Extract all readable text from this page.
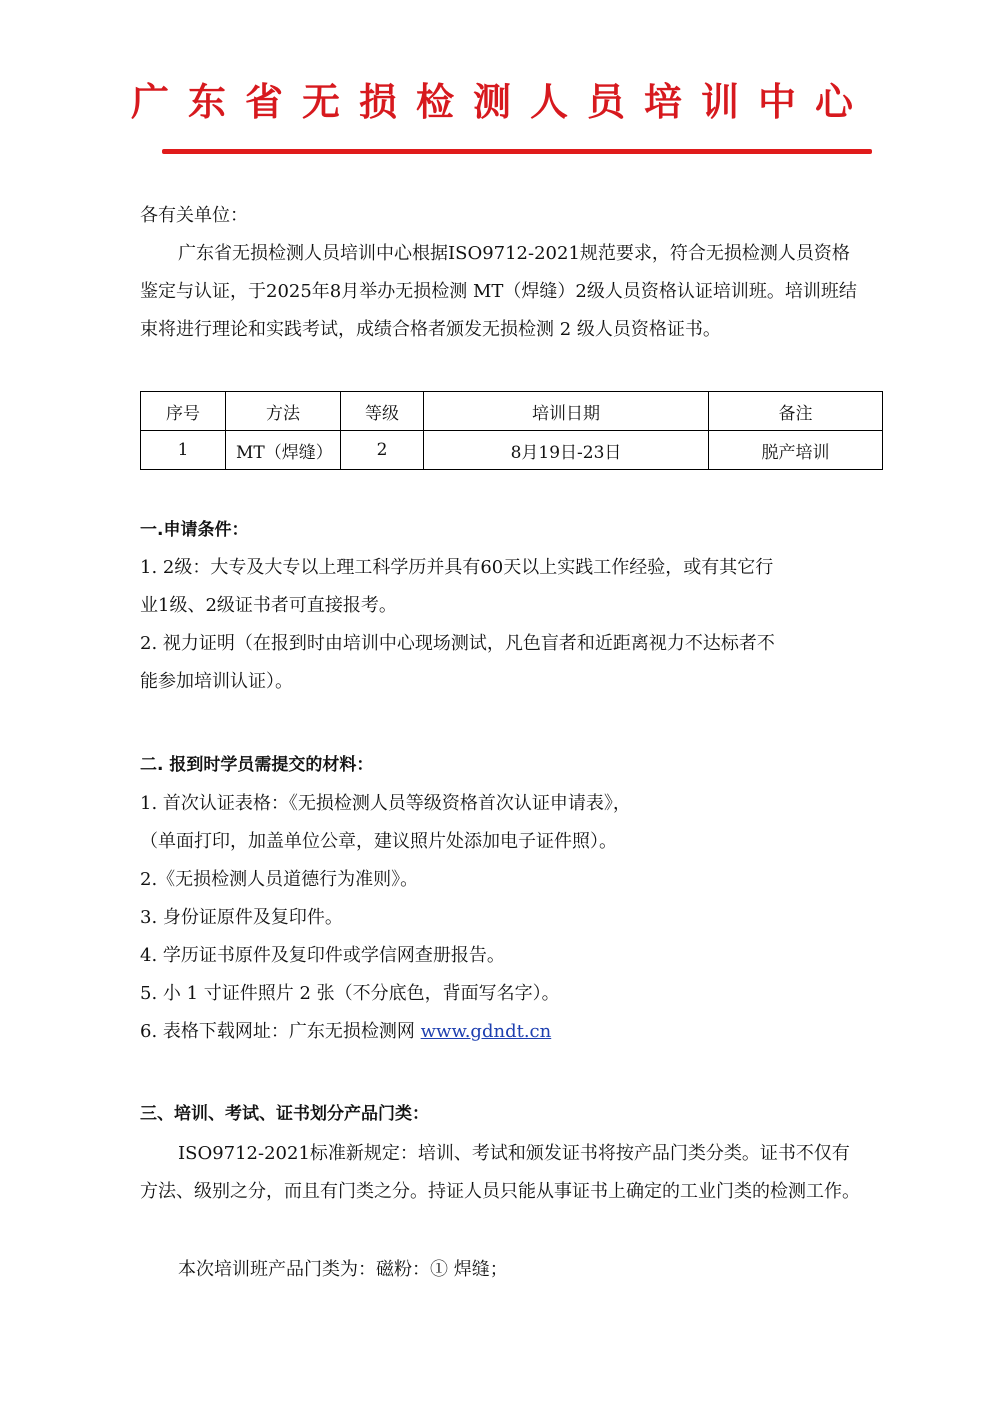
广东省无损检测人员培训中心

各有关单位：

广东省无损检测人员培训中心根据ISO9712-2021规范要求，符合无损检测人员资格鉴定与认证，于2025年8月举办无损检测 MT（焊缝）2级人员资格认证培训班。培训班结束将进行理论和实践考试，成绩合格者颁发无损检测 2 级人员资格证书。

序号	方法	等级	培训日期	备注
1	MT（焊缝）	2	8月19日-23日	脱产培训

一.申请条件：

1. 2级：大专及大专以上理工科学历并具有60天以上实践工作经验，或有其它行
业1级、2级证书者可直接报考。
2. 视力证明（在报到时由培训中心现场测试，凡色盲者和近距离视力不达标者不
能参加培训认证）。

二. 报到时学员需提交的材料：

1. 首次认证表格：《无损检测人员等级资格首次认证申请表》，
（单面打印，加盖单位公章，建议照片处添加电子证件照）。
2.《无损检测人员道德行为准则》。
3. 身份证原件及复印件。
4. 学历证书原件及复印件或学信网查册报告。
5. 小 1 寸证件照片 2 张（不分底色，背面写名字）。
6. 表格下载网址：广东无损检测网 www.gdndt.cn

三、培训、考试、证书划分产品门类：

ISO9712-2021标准新规定：培训、考试和颁发证书将按产品门类分类。证书不仅有方法、级别之分，而且有门类之分。持证人员只能从事证书上确定的工业门类的检测工作。

本次培训班产品门类为：磁粉：① 焊缝；
